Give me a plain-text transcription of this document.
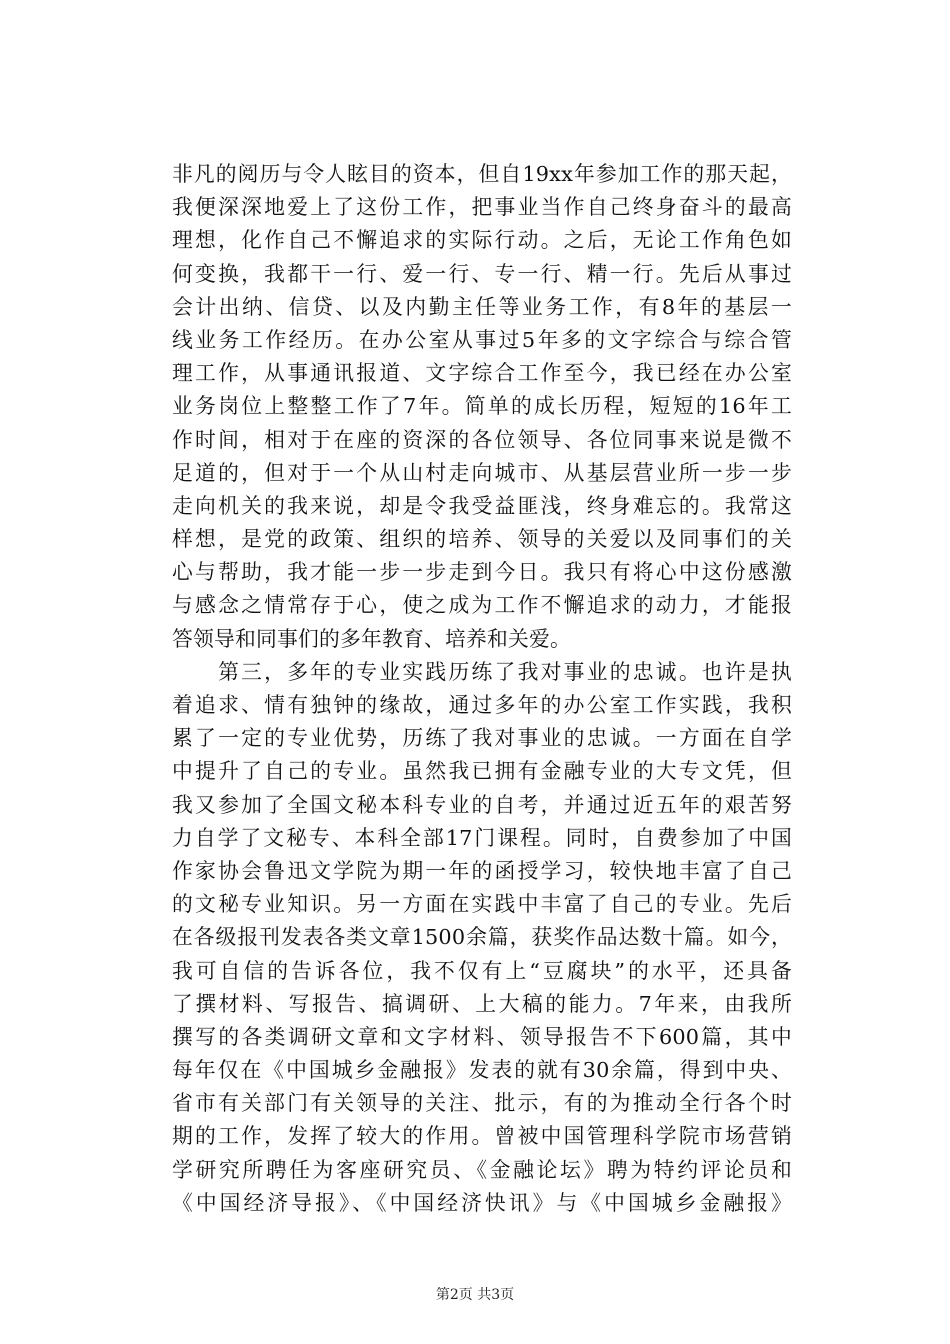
非凡的阅历与令人眩目的资本，但自19xx年参加工作的那天起，
我便深深地爱上了这份工作，把事业当作自己终身奋斗的最高
理想，化作自己不懈追求的实际行动。之后，无论工作角色如
何变换，我都干一行、爱一行、专一行、精一行。先后从事过
会计出纳、信贷、以及内勤主任等业务工作，有8年的基层一
线业务工作经历。在办公室从事过5年多的文字综合与综合管
理工作，从事通讯报道、文字综合工作至今，我已经在办公室
业务岗位上整整工作了7年。简单的成长历程，短短的16年工
作时间，相对于在座的资深的各位领导、各位同事来说是微不
足道的，但对于一个从山村走向城市、从基层营业所一步一步
走向机关的我来说，却是令我受益匪浅，终身难忘的。我常这
样想，是党的政策、组织的培养、领导的关爱以及同事们的关
心与帮助，我才能一步一步走到今日。我只有将心中这份感激
与感念之情常存于心，使之成为工作不懈追求的动力，才能报
答领导和同事们的多年教育、培养和关爱。
　　第三，多年的专业实践历练了我对事业的忠诚。也许是执
着追求、情有独钟的缘故，通过多年的办公室工作实践，我积
累了一定的专业优势，历练了我对事业的忠诚。一方面在自学
中提升了自己的专业。虽然我已拥有金融专业的大专文凭，但
我又参加了全国文秘本科专业的自考，并通过近五年的艰苦努
力自学了文秘专、本科全部17门课程。同时，自费参加了中国
作家协会鲁迅文学院为期一年的函授学习，较快地丰富了自己
的文秘专业知识。另一方面在实践中丰富了自己的专业。先后
在各级报刊发表各类文章1500余篇，获奖作品达数十篇。如今，
我可自信的告诉各位，我不仅有上“豆腐块”的水平，还具备
了撰材料、写报告、搞调研、上大稿的能力。7年来，由我所
撰写的各类调研文章和文字材料、领导报告不下600篇，其中
每年仅在《中国城乡金融报》发表的就有30余篇，得到中央、
省市有关部门有关领导的关注、批示，有的为推动全行各个时
期的工作，发挥了较大的作用。曾被中国管理科学院市场营销
学研究所聘任为客座研究员、《金融论坛》聘为特约评论员和
《中国经济导报》、《中国经济快讯》与《中国城乡金融报》
第2页 共3页
